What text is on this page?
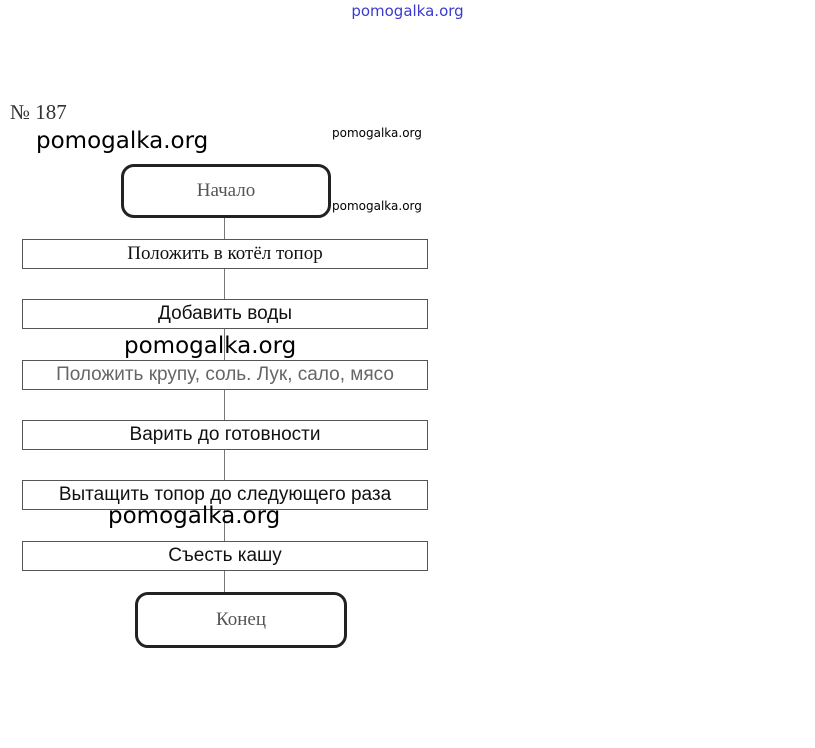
pomogalka.org
№ 187
pomogalka.org	pomogalka.org
pomogalka.org
Начало
Положить в котёл топор
Добавить воды
pomogalka.org
Положить крупу, соль. Лук, сало, мясо
Варить до готовности
Вытащить топор до следующего раза
pomogalka.org
Съесть кашу
Конец
